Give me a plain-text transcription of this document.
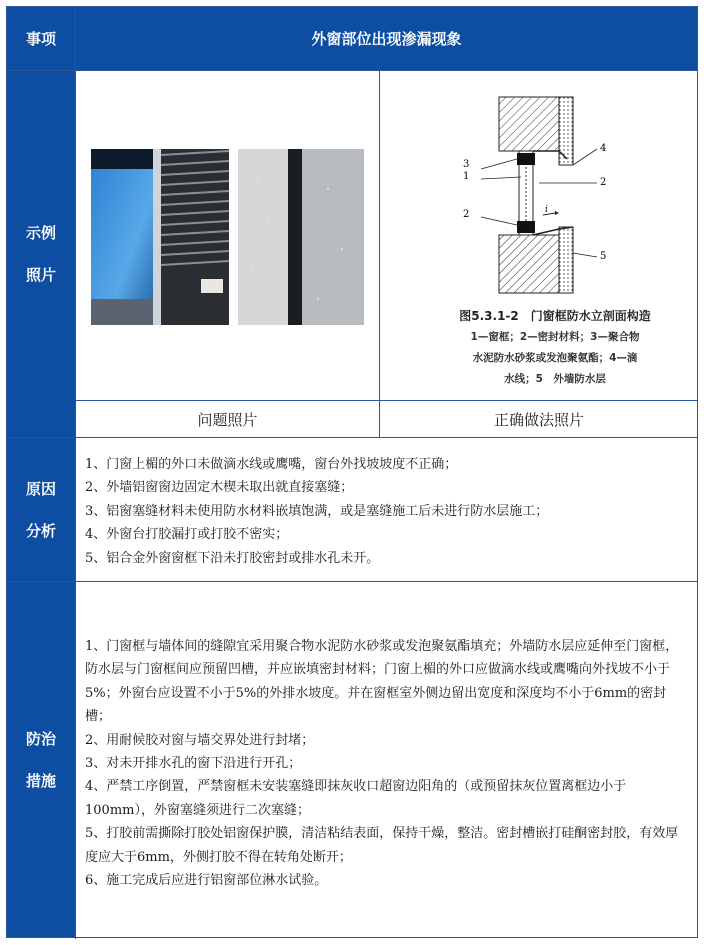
事项	外窗部位出现渗漏现象
示例
照片
原因
分析
防治
措施
图5.3.1-2　门窗框防水立剖面构造
1—窗框；2—密封材料；3—聚合物
水泥防水砂浆或发泡聚氨酯；4—滴
水线；5　外墙防水层
3
1
2
4
2
5
i
问题照片	正确做法照片

1、门窗上楣的外口未做滴水线或鹰嘴，窗台外找坡坡度不正确；

2、外墙铝窗窗边固定木楔未取出就直接塞缝；

3、铝窗塞缝材料未使用防水材料嵌填饱满，或是塞缝施工后未进行防水层施工；

4、外窗台打胶漏打或打胶不密实；

5、铝合金外窗窗框下沿未打胶密封或排水孔未开。

1、门窗框与墙体间的缝隙宜采用聚合物水泥防水砂浆或发泡聚氨酯填充；外墙防水层应延伸至门窗框，防水层与门窗框间应预留凹槽，并应嵌填密封材料；门窗上楣的外口应做滴水线或鹰嘴向外找坡不小于5%；外窗台应设置不小于5%的外排水坡度。并在窗框室外侧边留出宽度和深度均不小于6mm的密封槽；

2、用耐候胶对窗与墙交界处进行封堵；

3、对未开排水孔的窗下沿进行开孔；

4、严禁工序倒置，严禁窗框未安装塞缝即抹灰收口超窗边阳角的（或预留抹灰位置离框边小于100mm），外窗塞缝须进行二次塞缝；

5、打胶前需撕除打胶处铝窗保护膜，清洁粘结表面，保持干燥，整洁。密封槽嵌打硅酮密封胶，有效厚度应大于6mm，外侧打胶不得在转角处断开；

6、施工完成后应进行铝窗部位淋水试验。
